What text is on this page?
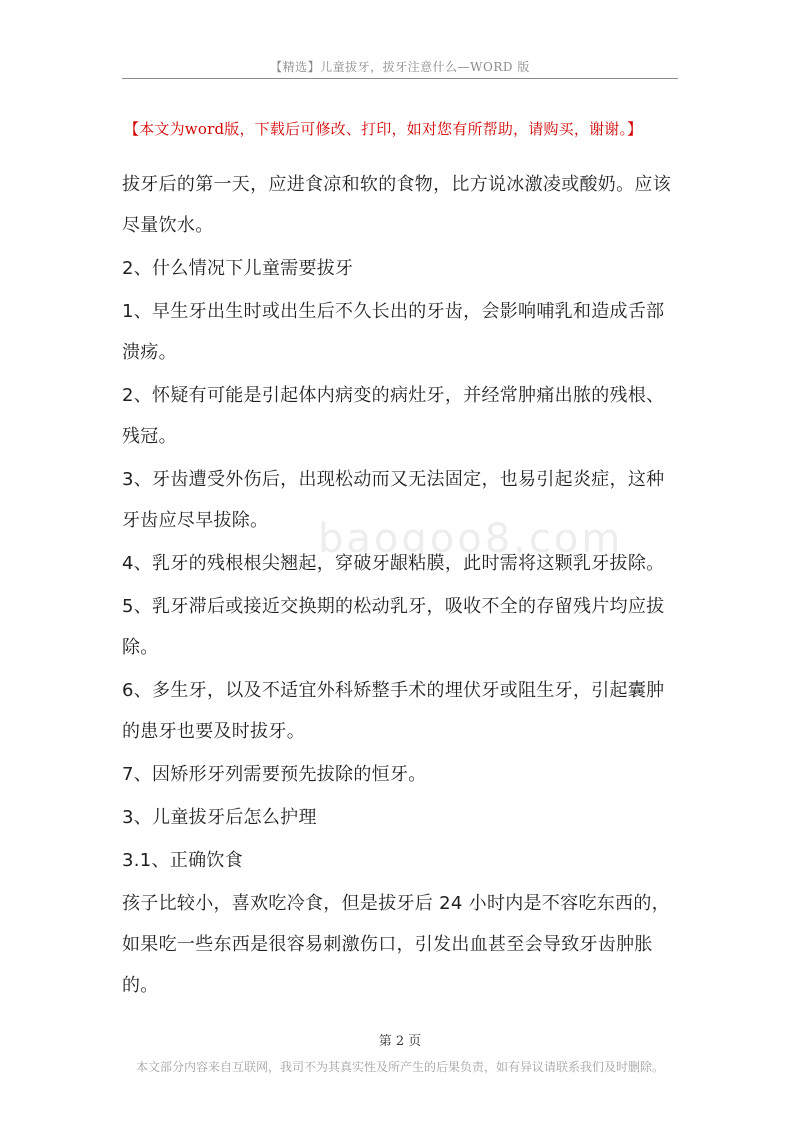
【精选】儿童拔牙，拔牙注意什么—WORD 版
【本文为word版，下载后可修改、打印，如对您有所帮助，请购买，谢谢。】
baogoo8.com

拔牙后的第一天，应进食凉和软的食物，比方说冰激凌或酸奶。应该尽量饮水。

2、什么情况下儿童需要拔牙

1、早生牙出生时或出生后不久长出的牙齿，会影响哺乳和造成舌部溃疡。

2、怀疑有可能是引起体内病变的病灶牙，并经常肿痛出脓的残根、残冠。

3、牙齿遭受外伤后，出现松动而又无法固定，也易引起炎症，这种牙齿应尽早拔除。

4、乳牙的残根根尖翘起，穿破牙龈粘膜，此时需将这颗乳牙拔除。

5、乳牙滞后或接近交换期的松动乳牙，吸收不全的存留残片均应拔除。

6、多生牙，以及不适宜外科矫整手术的埋伏牙或阻生牙，引起囊肿的患牙也要及时拔牙。

7、因矫形牙列需要预先拔除的恒牙。

3、儿童拔牙后怎么护理

3.1、正确饮食

孩子比较小，喜欢吃冷食，但是拔牙后 24 小时内是不容吃东西的，如果吃一些东西是很容易刺激伤口，引发出血甚至会导致牙齿肿胀的。

第 2 页
本文部分内容来自互联网，我司不为其真实性及所产生的后果负责，如有异议请联系我们及时删除。
